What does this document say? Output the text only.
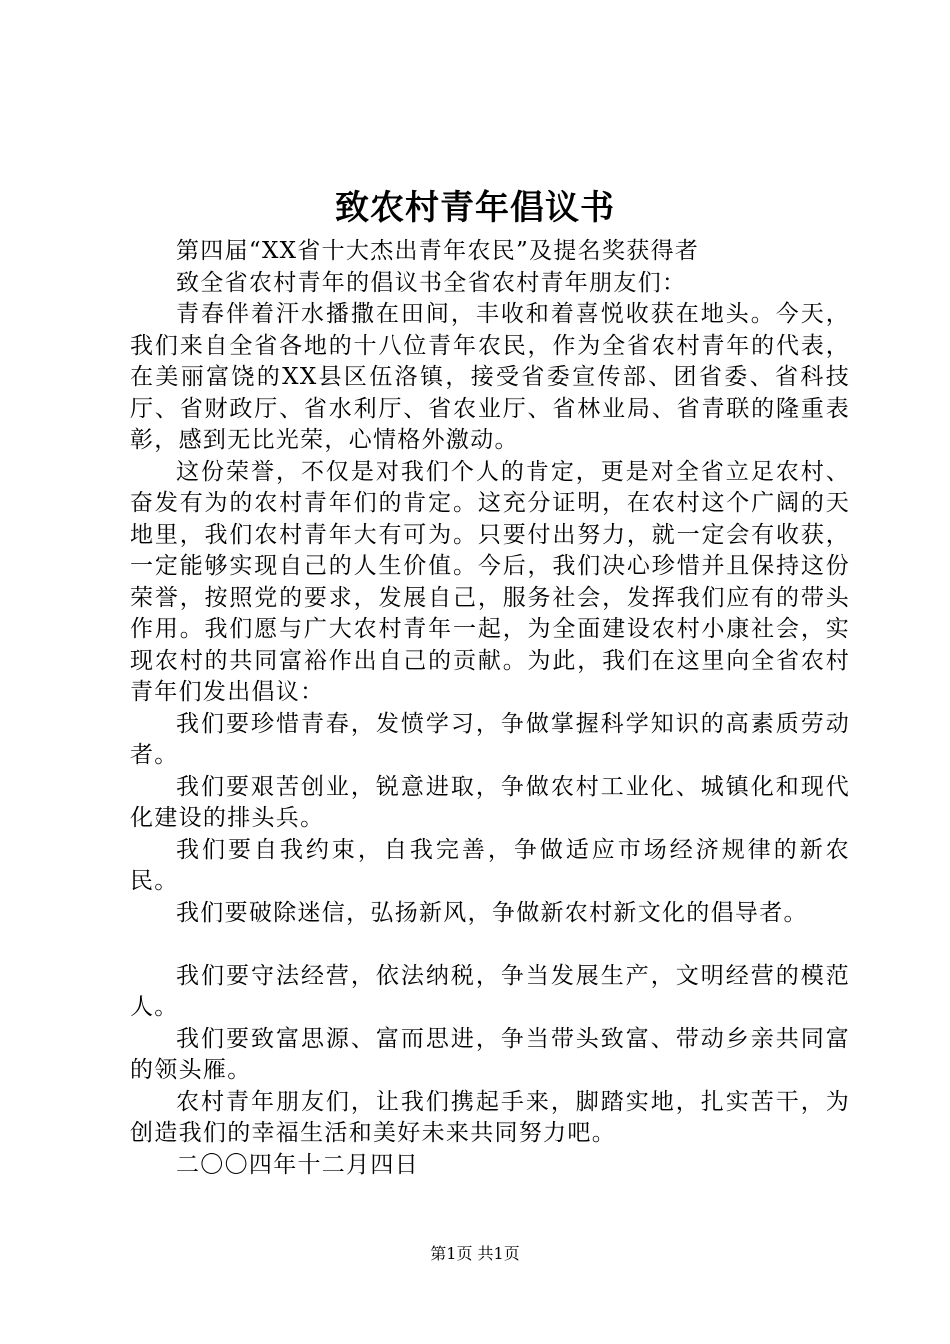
致农村青年倡议书

第四届“XX省十大杰出青年农民”及提名奖获得者

致全省农村青年的倡议书全省农村青年朋友们：

青春伴着汗水播撒在田间，丰收和着喜悦收获在地头。今天，我们来自全省各地的十八位青年农民，作为全省农村青年的代表，在美丽富饶的XX县区伍洛镇，接受省委宣传部、团省委、省科技厅、省财政厅、省水利厅、省农业厅、省林业局、省青联的隆重表彰，感到无比光荣，心情格外激动。

这份荣誉，不仅是对我们个人的肯定，更是对全省立足农村、奋发有为的农村青年们的肯定。这充分证明，在农村这个广阔的天地里，我们农村青年大有可为。只要付出努力，就一定会有收获，一定能够实现自己的人生价值。今后，我们决心珍惜并且保持这份荣誉，按照党的要求，发展自己，服务社会，发挥我们应有的带头作用。我们愿与广大农村青年一起，为全面建设农村小康社会，实现农村的共同富裕作出自己的贡献。为此，我们在这里向全省农村青年们发出倡议：

我们要珍惜青春，发愤学习，争做掌握科学知识的高素质劳动者。

我们要艰苦创业，锐意进取，争做农村工业化、城镇化和现代化建设的排头兵。

我们要自我约束，自我完善，争做适应市场经济规律的新农民。

我们要破除迷信，弘扬新风，争做新农村新文化的倡导者。

我们要守法经营，依法纳税，争当发展生产，文明经营的模范人。

我们要致富思源、富而思进，争当带头致富、带动乡亲共同富的领头雁。

农村青年朋友们，让我们携起手来，脚踏实地，扎实苦干，为创造我们的幸福生活和美好未来共同努力吧。

二〇〇四年十二月四日

第1页 共1页
